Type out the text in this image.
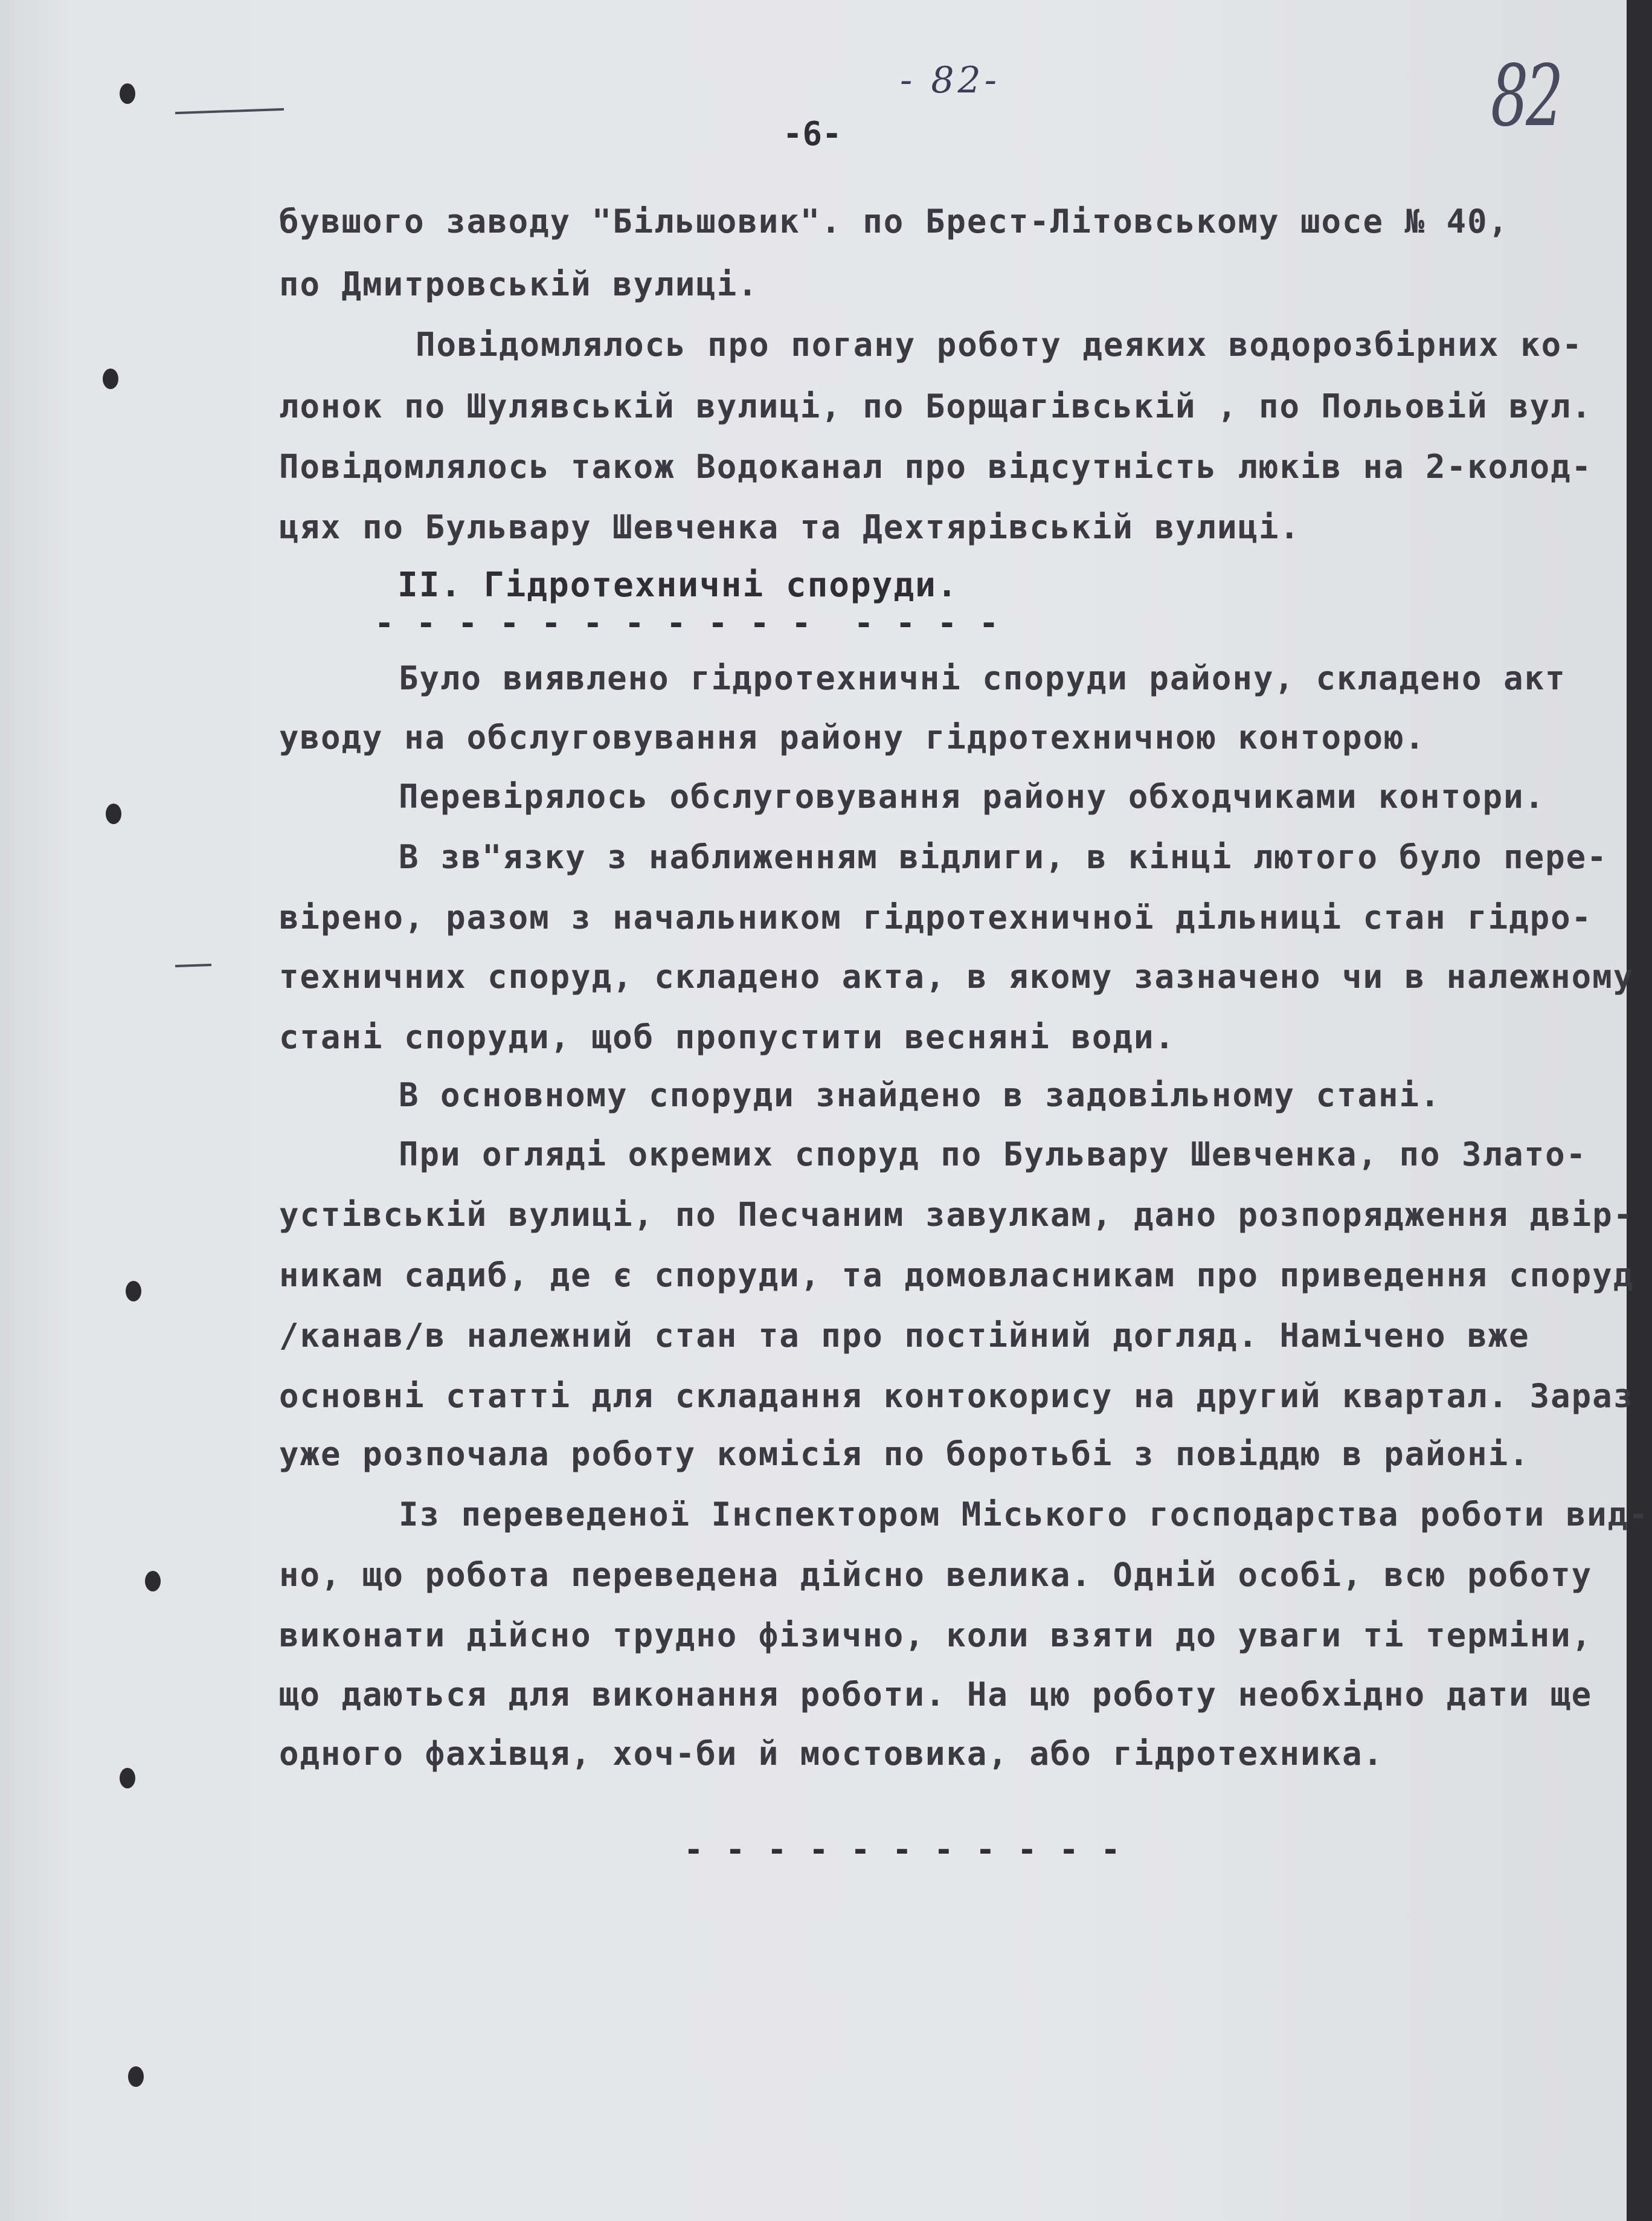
- 82-	82
-6-
бувшого заводу "Більшовик". по Брест-Літовському шосе № 40,
по Дмитровській вулиці.
Повідомлялось про погану роботу деяких водорозбірних ко-
лонок по Шулявській вулиці, по Борщагівській , по Польовій вул.
Повідомлялось також Водоканал про відсутність люків на 2-колод-
цях по Бульвару Шевченка та Дехтярівській вулиці.
II. Гідротехничні споруди.
- - - - - - - - - - -  - - - -
Було виявлено гідротехничні споруди району, складено акт
уводу на обслуговування району гідротехничною конторою.
Перевірялось обслуговування району обходчиками контори.
В зв"язку з наближенням відлиги, в кінці лютого було пере-
вірено, разом з начальником гідротехничної дільниці стан гідро-
техничних споруд, складено акта, в якому зазначено чи в належному
стані споруди, щоб пропустити весняні води.
В основному споруди знайдено в задовільному стані.
При огляді окремих споруд по Бульвару Шевченка, по Злато-
устівській вулиці, по Песчаним завулкам, дано розпорядження двір-
никам садиб, де є споруди, та домовласникам про приведення споруд
/канав/в належний стан та про постійний догляд. Намічено вже
основні статті для складання контокорису на другий квартал. Зараз
уже розпочала роботу комісія по боротьбі з повіддю в районі.
Із переведеної Інспектором Міського господарства роботи вид-
но, що робота переведена дійсно велика. Одній особі, всю роботу
виконати дійсно трудно фізично, коли взяти до уваги ті терміни,
що даються для виконання роботи. На цю роботу необхідно дати ще
одного фахівця, хоч-би й мостовика, або гідротехника.
- - - - - - - - - - -
